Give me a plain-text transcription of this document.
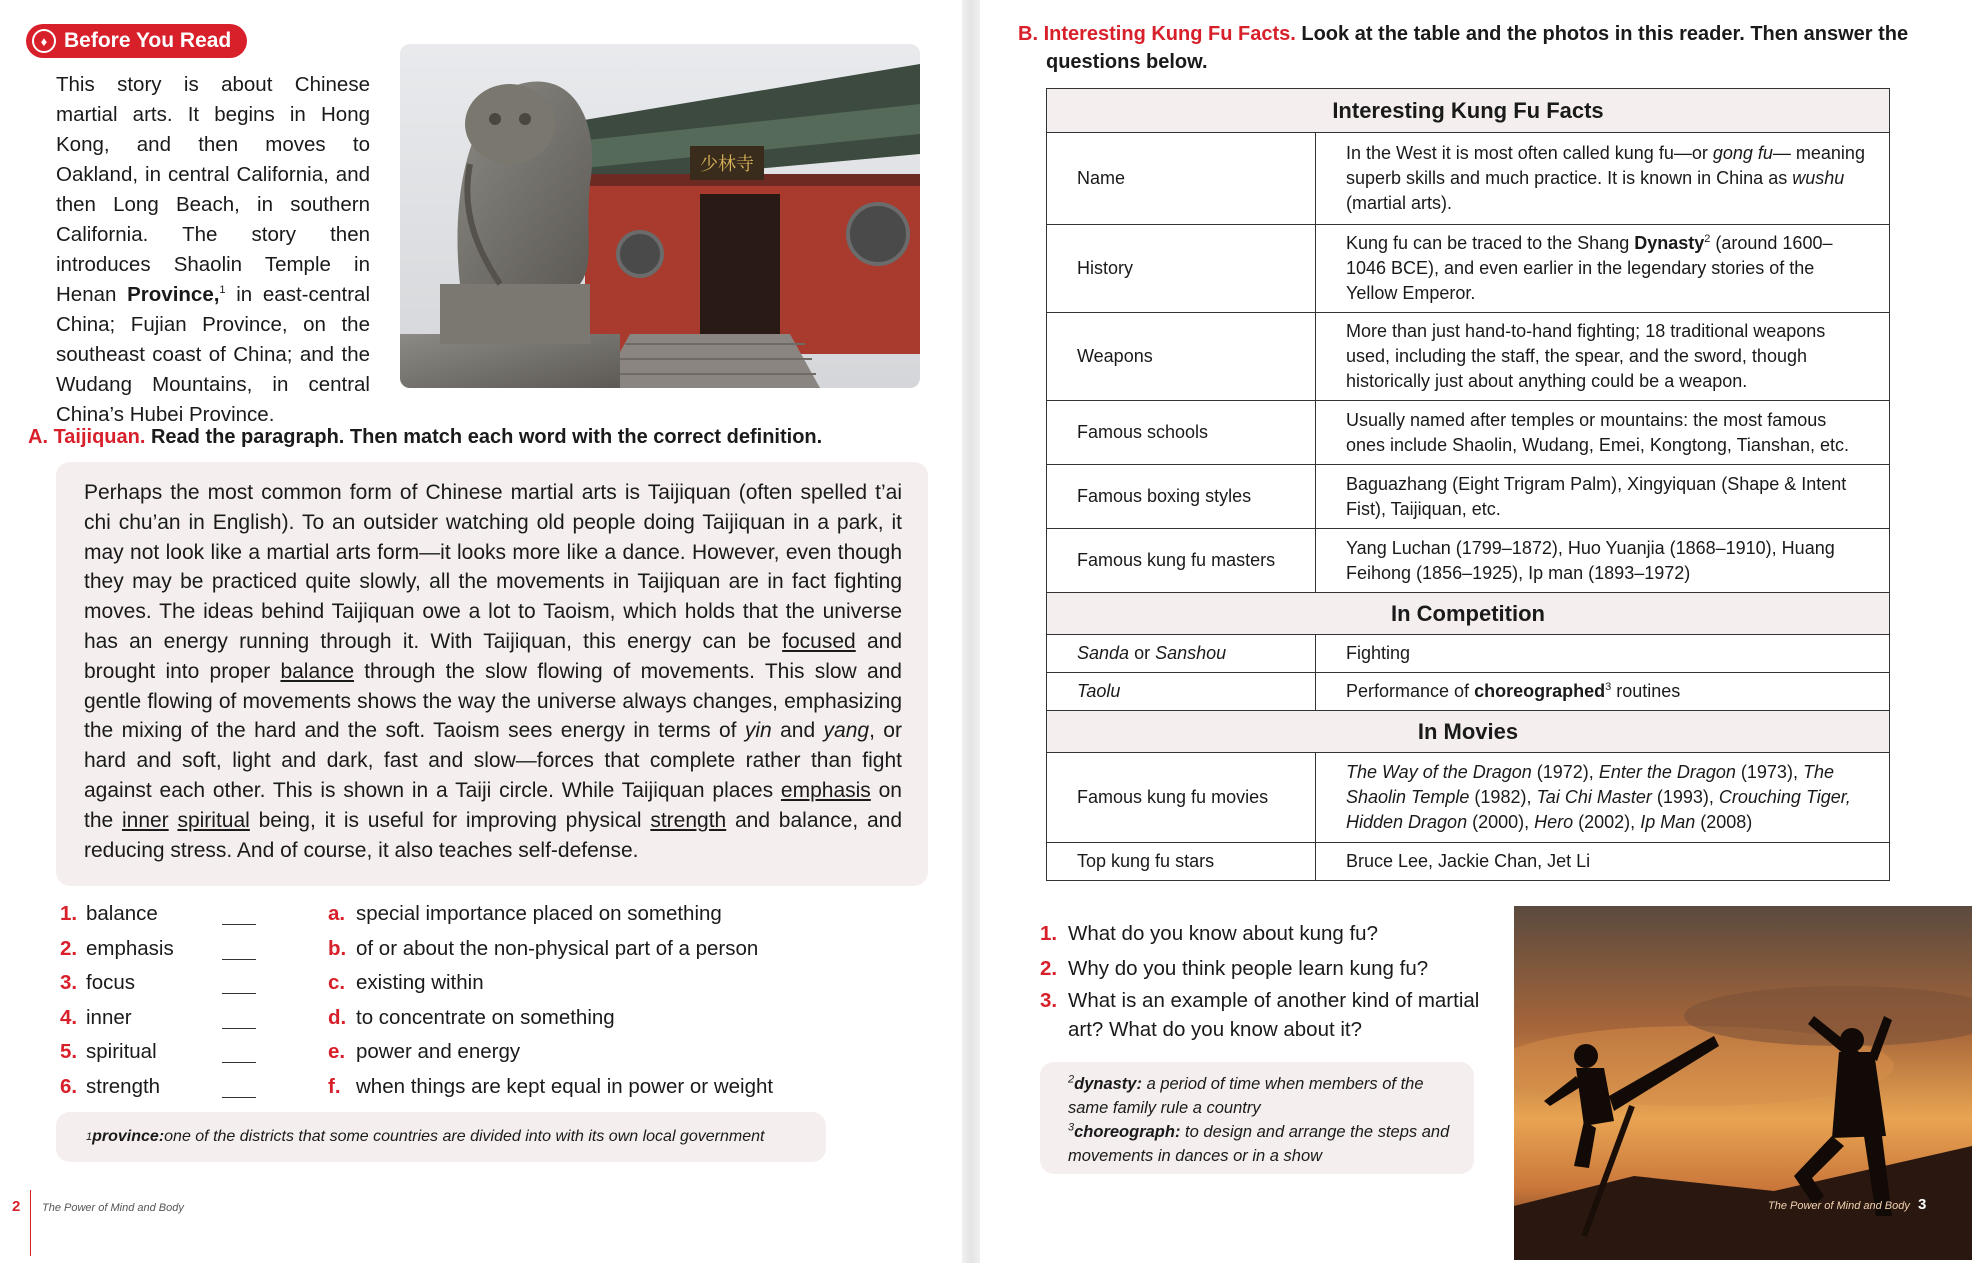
♦ Before You Read
This story is about Chinese martial arts. It begins in Hong Kong, and then moves to Oakland, in central California, and then Long Beach, in southern California. The story then introduces Shaolin Temple in Henan Province,$^1$ in east-central China; Fujian Province, on the southeast coast of China; and the Wudang Mountains, in central China’s Hubei Province.
少林寺
A. Taijiquan. Read the paragraph. Then match each word with the correct definition.

Perhaps the most common form of Chinese martial arts is Taijiquan (often spelled t’ai chi chu’an in English). To an outsider watching old people doing Taijiquan in a park, it may not look like a martial arts form—it looks more like a dance. However, even though they may be practiced quite slowly, all the movements in Taijiquan are in fact fighting moves. The ideas behind Taijiquan owe a lot to Taoism, which holds that the universe has an energy running through it. With Taijiquan, this energy can be focused and brought into proper balance through the slow flowing of movements. This slow and gentle flowing of movements shows the way the universe always changes, emphasizing the mixing of the hard and the soft. Taoism sees energy in terms of yin and yang, or hard and soft, light and dark, fast and slow—forces that complete rather than fight against each other. This is shown in a Taiji circle. While Taijiquan places emphasis on the inner spiritual being, it is useful for improving physical strength and balance, and reducing stress. And of course, it also teaches self-defense.

1. balance	a. special importance placed on something
2. emphasis	b. of or about the non-physical part of a person
3. focus	c. existing within
4. inner	d. to concentrate on something
5. spiritual	e. power and energy
6. strength	f. when things are kept equal in power or weight
1 province: one of the districts that some countries are divided into with its own local government
2 The Power of Mind and Body
B. Interesting Kung Fu Facts. Look at the table and the photos in this reader. Then answer the
questions below.
Interesting Kung Fu Facts	
Name	In the West it is most often called kung fu—or gong fu— meaning superb skills and much practice. It is known in China as wushu (martial arts).
History	Kung fu can be traced to the Shang Dynasty$^2$ (around 1600–1046 BCE), and even earlier in the legendary stories of the Yellow Emperor.
Weapons	More than just hand-to-hand fighting; 18 traditional weapons used, including the staff, the spear, and the sword, though historically just about anything could be a weapon.
Famous schools	Usually named after temples or mountains: the most famous ones include Shaolin, Wudang, Emei, Kongtong, Tianshan, etc.
Famous boxing styles	Baguazhang (Eight Trigram Palm), Xingyiquan (Shape & Intent Fist), Taijiquan, etc.
Famous kung fu masters	Yang Luchan (1799–1872), Huo Yuanjia (1868–1910), Huang Feihong (1856–1925), Ip man (1893–1972)
In Competition	
Sanda or Sanshou	Fighting
Taolu	Performance of choreographed$^3$ routines
In Movies	
Famous kung fu movies	The Way of the Dragon (1972), Enter the Dragon (1973), The Shaolin Temple (1982), Tai Chi Master (1993), Crouching Tiger, Hidden Dragon (2000), Hero (2002), Ip Man (2008)
Top kung fu stars	Bruce Lee, Jackie Chan, Jet Li
1. What do you know about kung fu?
2. Why do you think people learn kung fu?
3. What is an example of another kind of martial art? What do you know about it?
$^2$dynasty: a period of time when members of the same family rule a country
$^3$choreograph: to design and arrange the steps and movements in dances or in a show
The Power of Mind and Body 3
